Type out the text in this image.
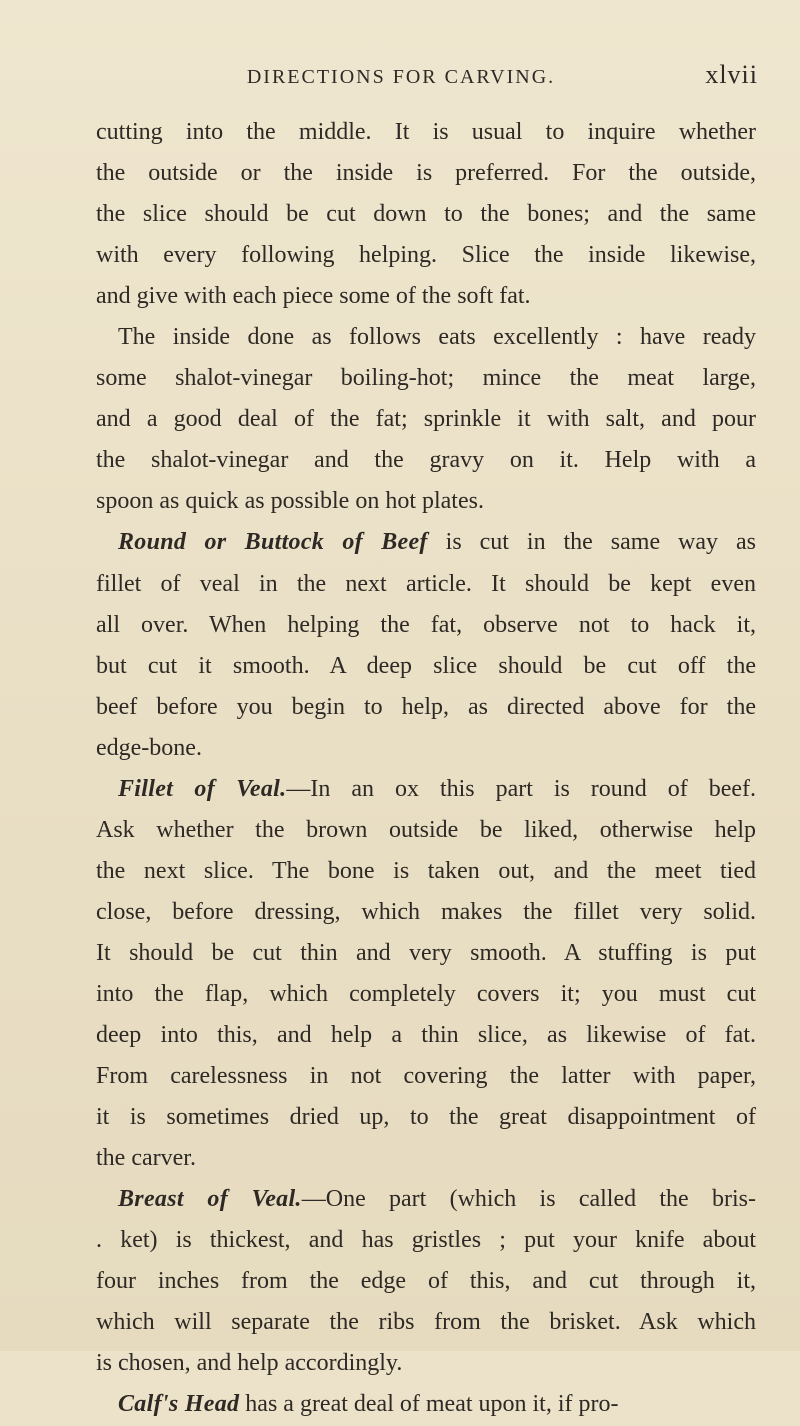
DIRECTIONS FOR CARVING.	xlvii
cutting into the middle. It is usual to inquire whether
the outside or the inside is preferred. For the outside,
the slice should be cut down to the bones; and the same
with every following helping. Slice the inside likewise,
and give with each piece some of the soft fat.
The inside done as follows eats excellently : have ready
some shalot-vinegar boiling-hot; mince the meat large,
and a good deal of the fat; sprinkle it with salt, and pour
the shalot-vinegar and the gravy on it. Help with a
spoon as quick as possible on hot plates.
Round or Buttock of Beef is cut in the same way as
fillet of veal in the next article. It should be kept even
all over. When helping the fat, observe not to hack it,
but cut it smooth. A deep slice should be cut off the
beef before you begin to help, as directed above for the
edge-bone.
Fillet of Veal.—In an ox this part is round of beef.
Ask whether the brown outside be liked, otherwise help
the next slice. The bone is taken out, and the meet tied
close, before dressing, which makes the fillet very solid.
It should be cut thin and very smooth. A stuffing is put
into the flap, which completely covers it; you must cut
deep into this, and help a thin slice, as likewise of fat.
From carelessness in not covering the latter with paper,
it is sometimes dried up, to the great disappointment of
the carver.
Breast of Veal.—One part (which is called the bris-
. ket) is thickest, and has gristles ; put your knife about
four inches from the edge of this, and cut through it,
which will separate the ribs from the brisket. Ask which
is chosen, and help accordingly.
Calf's Head has a great deal of meat upon it, if pro-
